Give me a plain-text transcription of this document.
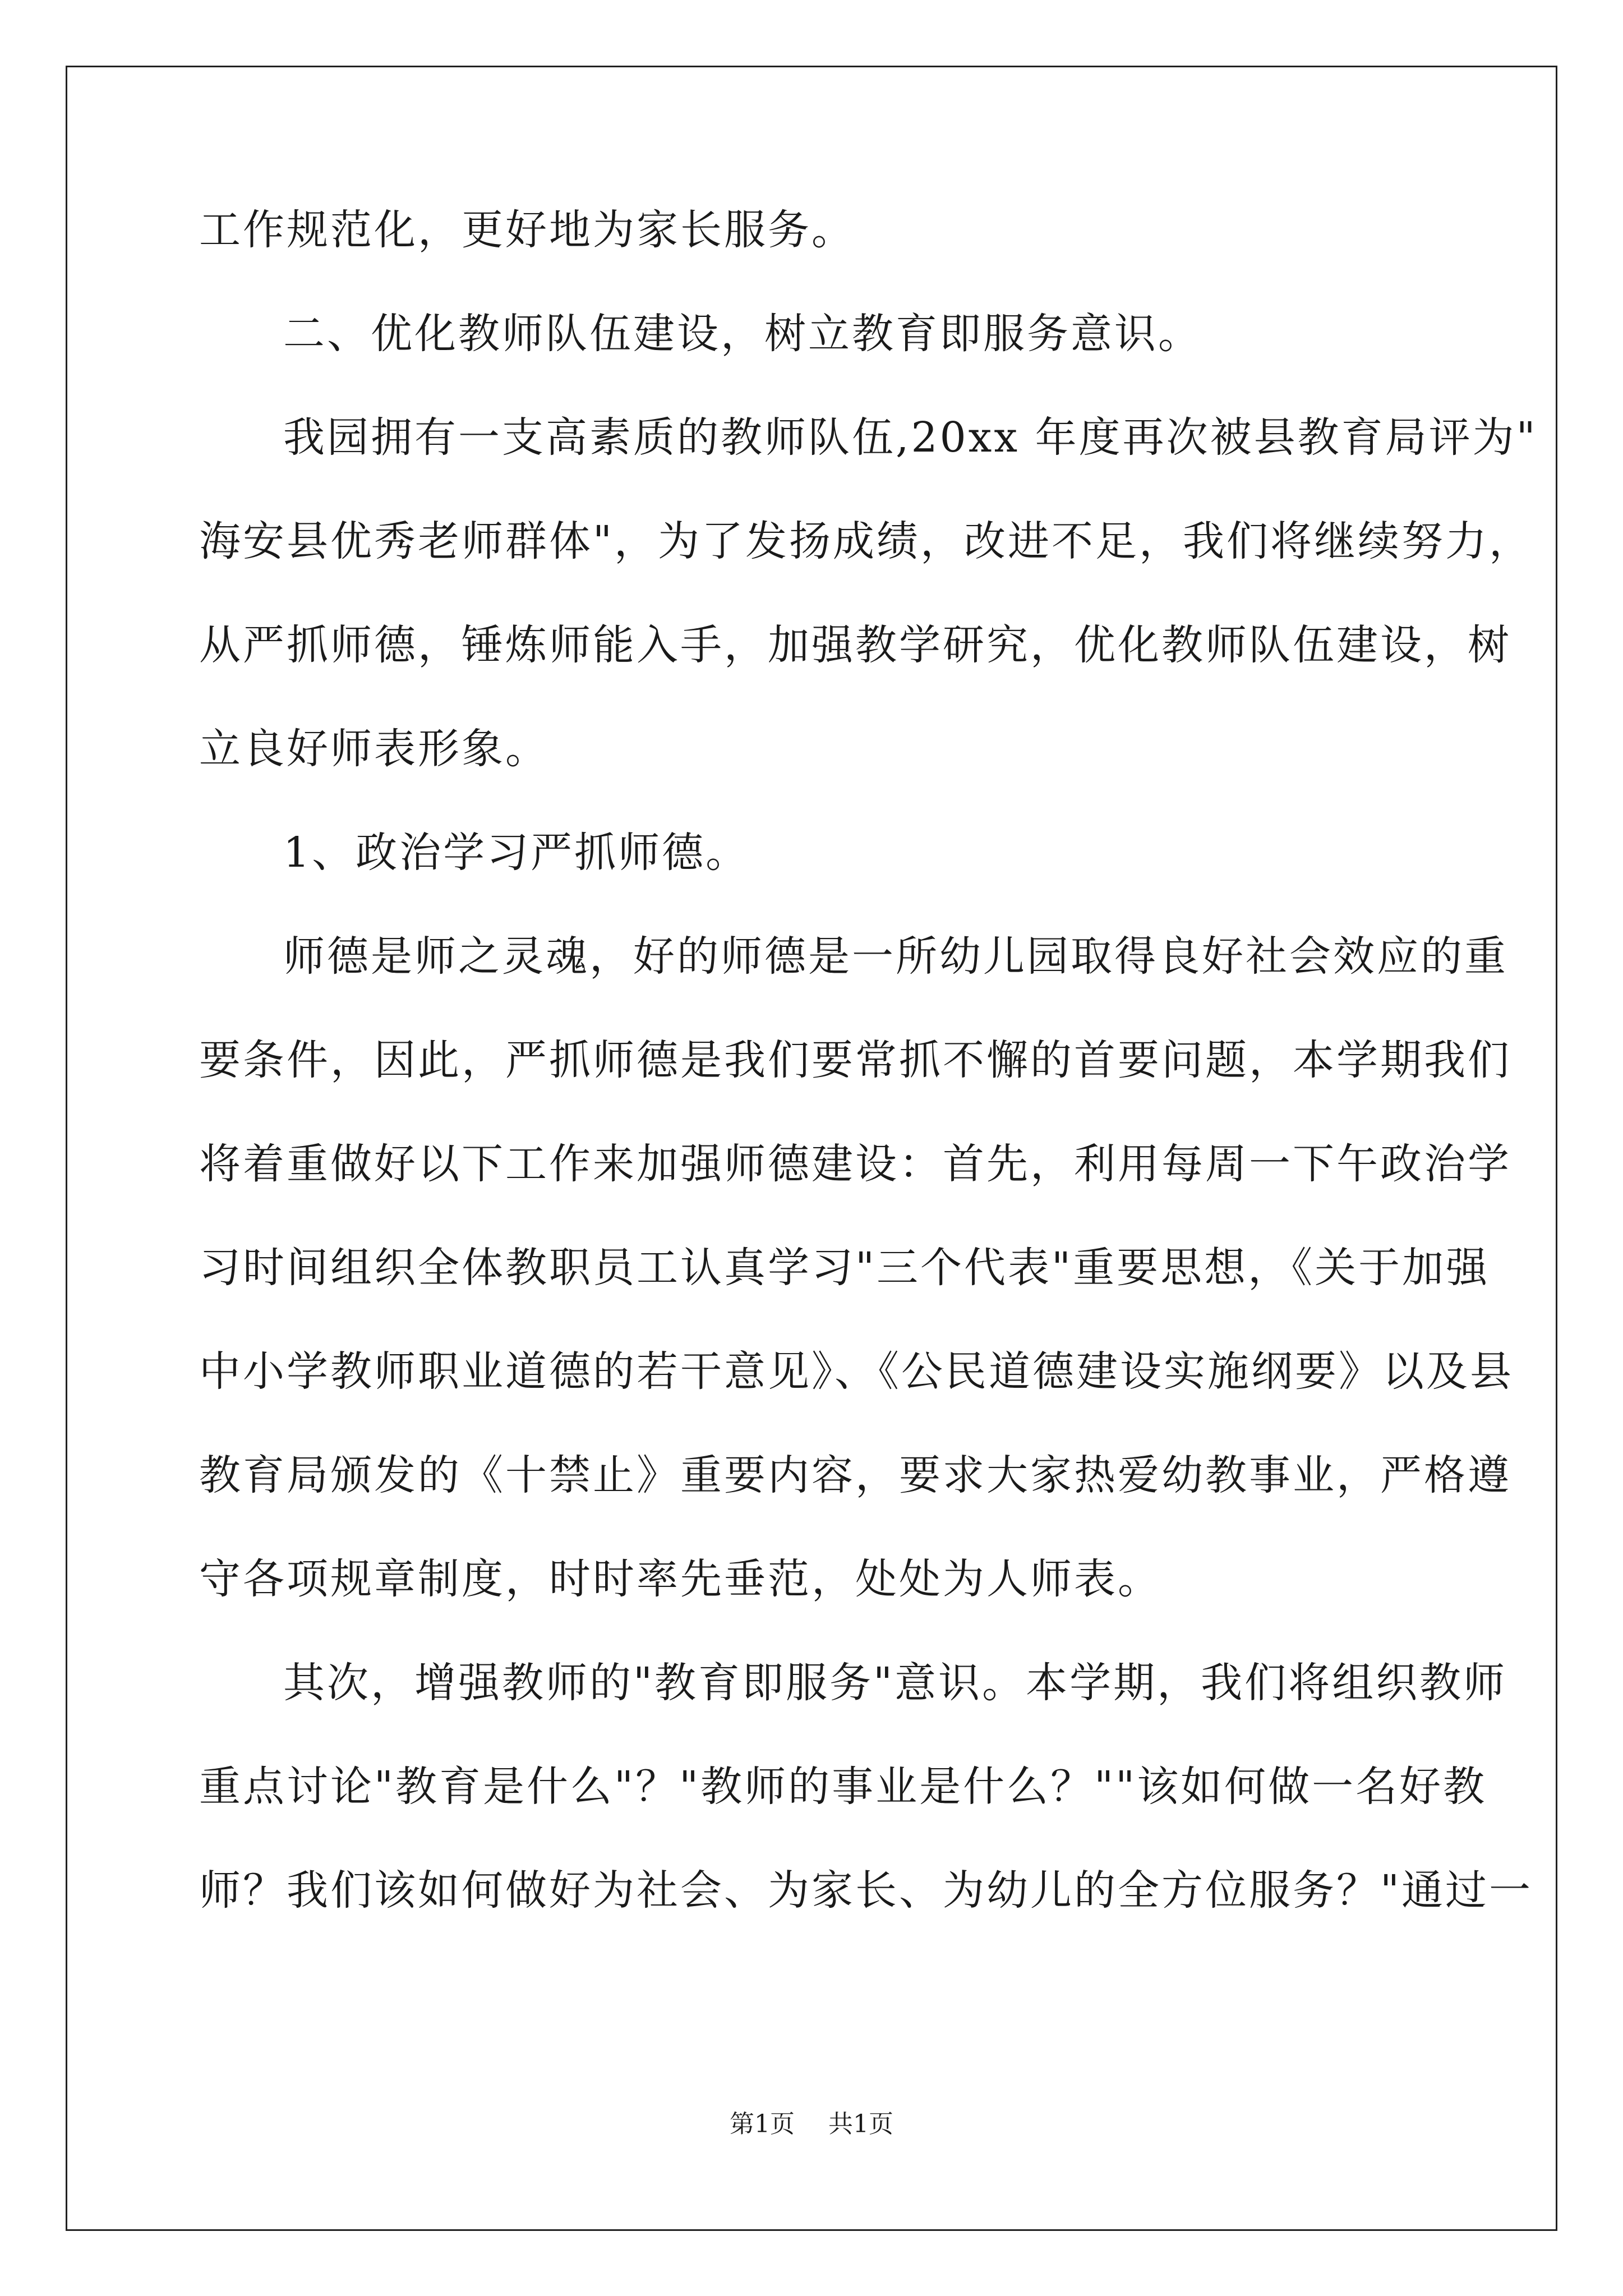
工作规范化，更好地为家长服务。
二、优化教师队伍建设，树立教育即服务意识。
我园拥有一支高素质的教师队伍,20xx 年度再次被县教育局评为"
海安县优秀老师群体"，为了发扬成绩，改进不足，我们将继续努力，
从严抓师德，锤炼师能入手，加强教学研究，优化教师队伍建设，树
立良好师表形象。
1、政治学习严抓师德。
师德是师之灵魂，好的师德是一所幼儿园取得良好社会效应的重
要条件，因此，严抓师德是我们要常抓不懈的首要问题，本学期我们
将着重做好以下工作来加强师德建设：首先，利用每周一下午政治学
习时间组织全体教职员工认真学习"三个代表"重要思想，《关于加强
中小学教师职业道德的若干意见》、《公民道德建设实施纲要》以及县
教育局颁发的《十禁止》重要内容，要求大家热爱幼教事业，严格遵
守各项规章制度，时时率先垂范，处处为人师表。
其次，增强教师的"教育即服务"意识。本学期，我们将组织教师
重点讨论"教育是什么"？"教师的事业是什么？""该如何做一名好教
师？我们该如何做好为社会、为家长、为幼儿的全方位服务？"通过一
第1页 共1页
